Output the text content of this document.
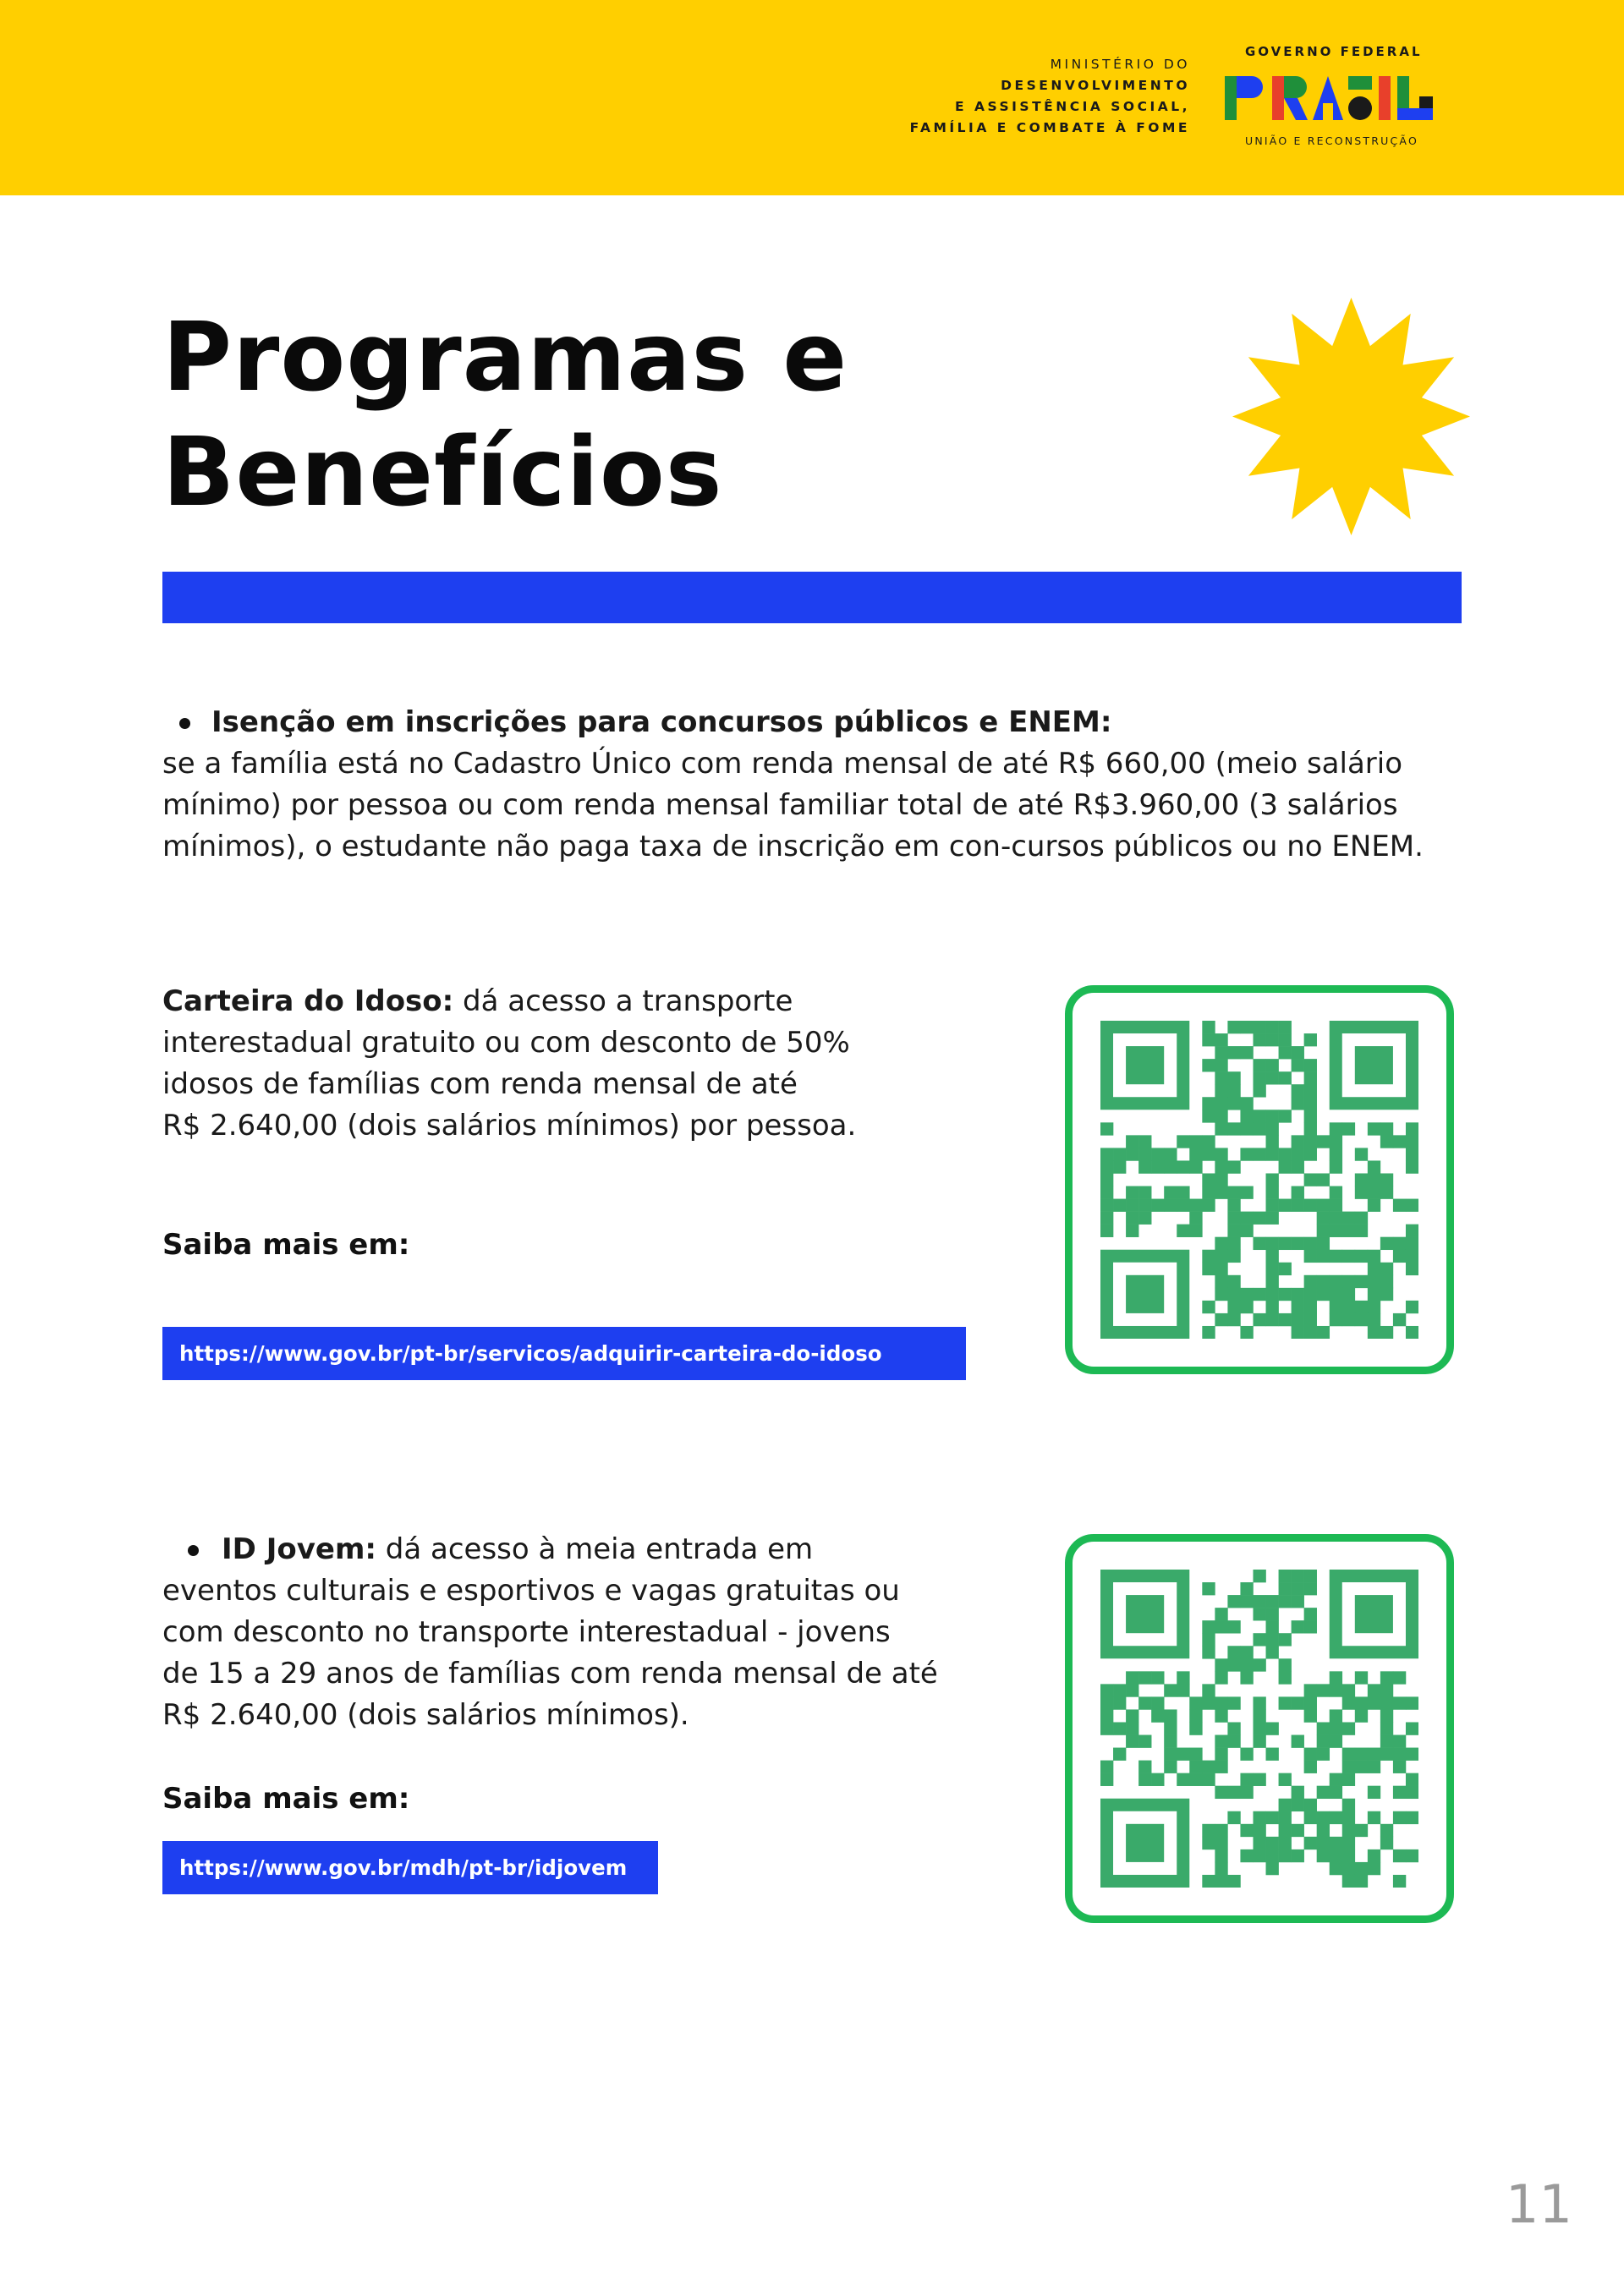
MINISTÉRIO DO
DESENVOLVIMENTO
E ASSISTÊNCIA SOCIAL,
FAMÍLIA E COMBATE À FOME
GOVERNO FEDERAL
UNIÃO E RECONSTRUÇÃO
Programas e
Benefícios

Isenção em inscrições para concursos públicos e ENEM:

se a família está no Cadastro Único com renda mensal de até R$ 660,00 (meio salário

mínimo) por pessoa ou com renda mensal familiar total de até R$3.960,00 (3 salários

mínimos), o estudante não paga taxa de inscrição em con-cursos públicos ou no ENEM.

Carteira do Idoso: dá acesso a transporte

interestadual gratuito ou com desconto de 50%

idosos de famílias com renda mensal de até

R$ 2.640,00 (dois salários mínimos) por pessoa.

Saiba mais em:
https://www.gov.br/pt-br/servicos/adquirir-carteira-do-idoso

ID Jovem: dá acesso à meia entrada em

eventos culturais e esportivos e vagas gratuitas ou

com desconto no transporte interestadual - jovens

de 15 a 29 anos de famílias com renda mensal de até

R$ 2.640,00 (dois salários mínimos).

Saiba mais em:
https://www.gov.br/mdh/pt-br/idjovem
11
